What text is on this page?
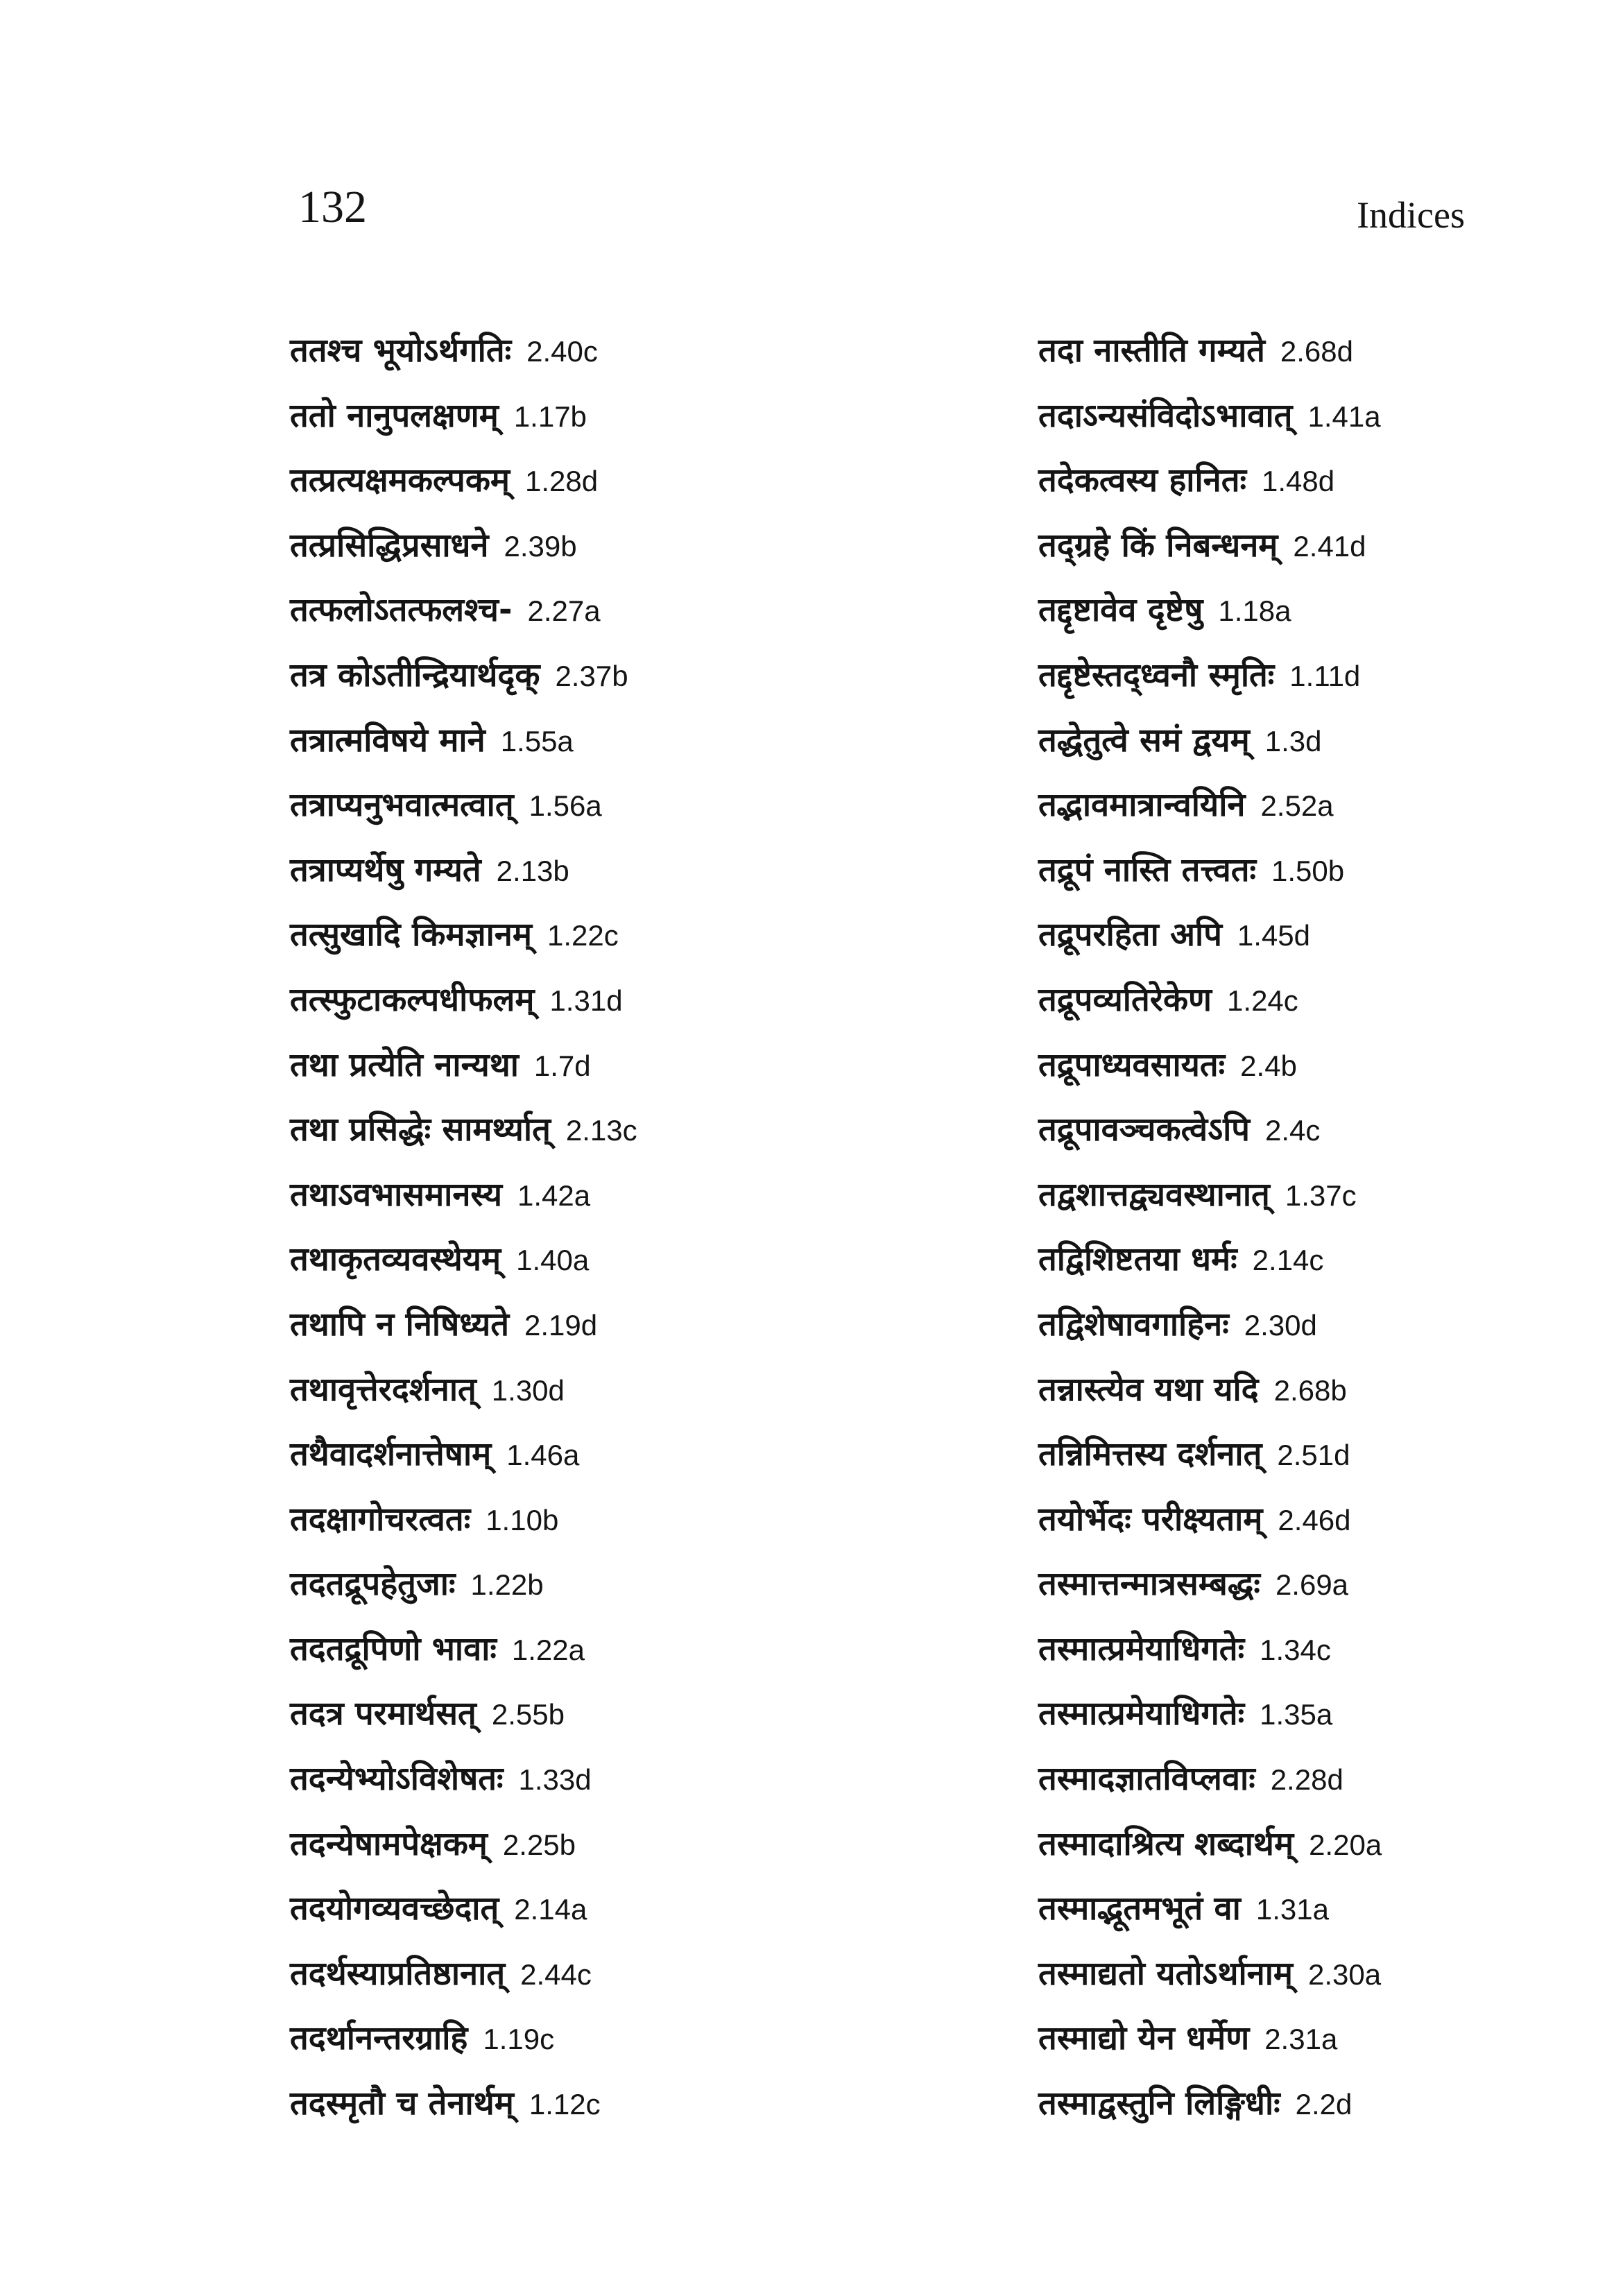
132	Indices
ततश्च भूयोऽर्थगतिः 2.40c
ततो नानुपलक्षणम् 1.17b
तत्प्रत्यक्षमकल्पकम् 1.28d
तत्प्रसिद्धिप्रसाधने 2.39b
तत्फलोऽतत्फलश्च- 2.27a
तत्र कोऽतीन्द्रियार्थदृक् 2.37b
तत्रात्मविषये माने 1.55a
तत्राप्यनुभवात्मत्वात् 1.56a
तत्राप्यर्थेषु गम्यते 2.13b
तत्सुखादि किमज्ञानम् 1.22c
तत्स्फुटाकल्पधीफलम् 1.31d
तथा प्रत्येति नान्यथा 1.7d
तथा प्रसिद्धेः सामर्थ्यात् 2.13c
तथाऽवभासमानस्य 1.42a
तथाकृतव्यवस्थेयम् 1.40a
तथापि न निषिध्यते 2.19d
तथावृत्तेरदर्शनात् 1.30d
तथैवादर्शनात्तेषाम् 1.46a
तदक्षागोचरत्वतः 1.10b
तदतद्रूपहेतुजाः 1.22b
तदतद्रूपिणो भावाः 1.22a
तदत्र परमार्थसत् 2.55b
तदन्येभ्योऽविशेषतः 1.33d
तदन्येषामपेक्षकम् 2.25b
तदयोगव्यवच्छेदात् 2.14a
तदर्थस्याप्रतिष्ठानात् 2.44c
तदर्थानन्तरग्राहि 1.19c
तदस्मृतौ च तेनार्थम् 1.12c
तदा नास्तीति गम्यते 2.68d
तदाऽन्यसंविदोऽभावात् 1.41a
तदेकत्वस्य हानितः 1.48d
तद्ग्रहे किं निबन्धनम् 2.41d
तद्दृष्टावेव दृष्टेषु 1.18a
तद्दृष्टेस्तद्ध्वनौ स्मृतिः 1.11d
तद्धेतुत्वे समं द्वयम् 1.3d
तद्भावमात्रान्वयिनि 2.52a
तद्रूपं नास्ति तत्त्वतः 1.50b
तद्रूपरहिता अपि 1.45d
तद्रूपव्यतिरेकेण 1.24c
तद्रूपाध्यवसायतः 2.4b
तद्रूपावञ्चकत्वेऽपि 2.4c
तद्वशात्तद्व्यवस्थानात् 1.37c
तद्विशिष्टतया धर्मः 2.14c
तद्विशेषावगाहिनः 2.30d
तन्नास्त्येव यथा यदि 2.68b
तन्निमित्तस्य दर्शनात् 2.51d
तयोर्भेदः परीक्ष्यताम् 2.46d
तस्मात्तन्मात्रसम्बद्धः 2.69a
तस्मात्प्रमेयाधिगतेः 1.34c
तस्मात्प्रमेयाधिगतेः 1.35a
तस्मादज्ञातविप्लवाः 2.28d
तस्मादाश्रित्य शब्दार्थम् 2.20a
तस्माद्भूतमभूतं वा 1.31a
तस्माद्यतो यतोऽर्थानाम् 2.30a
तस्माद्यो येन धर्मेण 2.31a
तस्माद्वस्तुनि लिङ्गिधीः 2.2d
